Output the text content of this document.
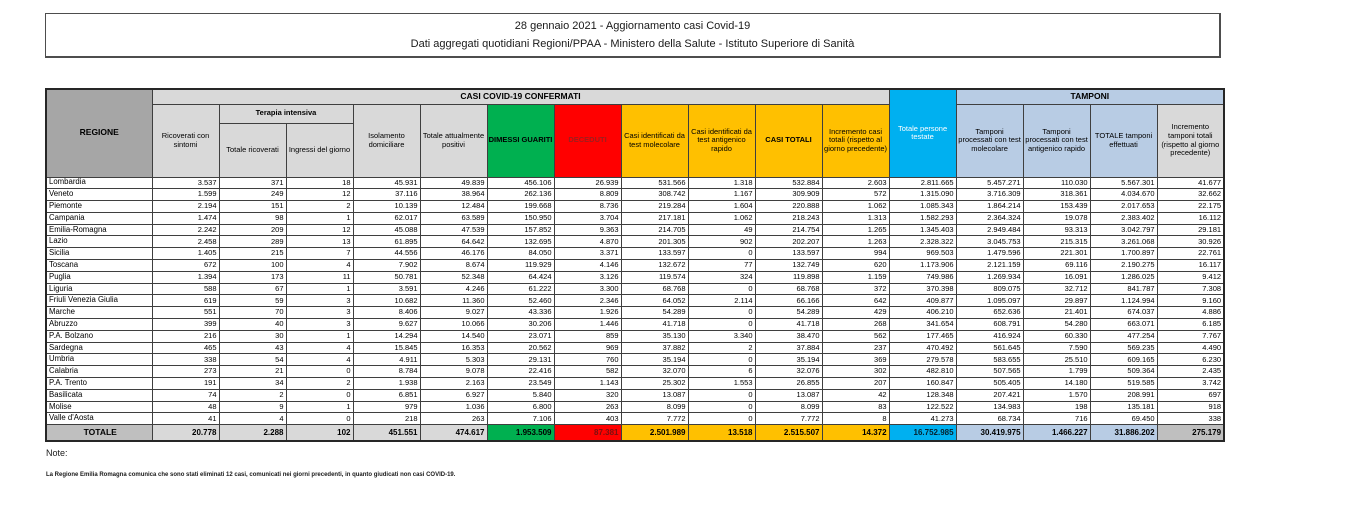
28 gennaio 2021 - Aggiornamento casi Covid-19
Dati aggregati quotidiani Regioni/PPAA - Ministero della Salute - Istituto Superiore di Sanità
REGIONE	CASI COVID-19 CONFERMATI											Totale persone testate	TAMPONI			
	Ricoverati con sintomi	Terapia intensiva		Isolamento domiciliare	Totale attualmente positivi	DIMESSI GUARITI	DECEDUTI	Casi identificati da test molecolare	Casi identificati da test antigenico rapido	CASI TOTALI	Incremento casi totali (rispetto al giorno precedente)		Tamponi processati con test molecolare	Tamponi processati con test antigenico rapido	TOTALE tamponi effettuati	Incremento tamponi totali (rispetto al giorno precedente)
		Totale ricoverati	Ingressi del giorno													
Lombardia	3.537	371	18	45.931	49.839	456.106	26.939	531.566	1.318	532.884	2.603	2.811.665	5.457.271	110.030	5.567.301	41.677
Veneto	1.599	249	12	37.116	38.964	262.136	8.809	308.742	1.167	309.909	572	1.315.090	3.716.309	318.361	4.034.670	32.662
Piemonte	2.194	151	2	10.139	12.484	199.668	8.736	219.284	1.604	220.888	1.062	1.085.343	1.864.214	153.439	2.017.653	22.175
Campania	1.474	98	1	62.017	63.589	150.950	3.704	217.181	1.062	218.243	1.313	1.582.293	2.364.324	19.078	2.383.402	16.112
Emilia-Romagna	2.242	209	12	45.088	47.539	157.852	9.363	214.705	49	214.754	1.265	1.345.403	2.949.484	93.313	3.042.797	29.181
Lazio	2.458	289	13	61.895	64.642	132.695	4.870	201.305	902	202.207	1.263	2.328.322	3.045.753	215.315	3.261.068	30.926
Sicilia	1.405	215	7	44.556	46.176	84.050	3.371	133.597	0	133.597	994	969.503	1.479.596	221.301	1.700.897	22.761
Toscana	672	100	4	7.902	8.674	119.929	4.146	132.672	77	132.749	620	1.173.906	2.121.159	69.116	2.190.275	16.117
Puglia	1.394	173	11	50.781	52.348	64.424	3.126	119.574	324	119.898	1.159	749.986	1.269.934	16.091	1.286.025	9.412
Liguria	588	67	1	3.591	4.246	61.222	3.300	68.768	0	68.768	372	370.398	809.075	32.712	841.787	7.308
Friuli Venezia Giulia	619	59	3	10.682	11.360	52.460	2.346	64.052	2.114	66.166	642	409.877	1.095.097	29.897	1.124.994	9.160
Marche	551	70	3	8.406	9.027	43.336	1.926	54.289	0	54.289	429	406.210	652.636	21.401	674.037	4.886
Abruzzo	399	40	3	9.627	10.066	30.206	1.446	41.718	0	41.718	268	341.654	608.791	54.280	663.071	6.185
P.A. Bolzano	216	30	1	14.294	14.540	23.071	859	35.130	3.340	38.470	562	177.465	416.924	60.330	477.254	7.767
Sardegna	465	43	4	15.845	16.353	20.562	969	37.882	2	37.884	237	470.492	561.645	7.590	569.235	4.490
Umbria	338	54	4	4.911	5.303	29.131	760	35.194	0	35.194	369	279.578	583.655	25.510	609.165	6.230
Calabria	273	21	0	8.784	9.078	22.416	582	32.070	6	32.076	302	482.810	507.565	1.799	509.364	2.435
P.A. Trento	191	34	2	1.938	2.163	23.549	1.143	25.302	1.553	26.855	207	160.847	505.405	14.180	519.585	3.742
Basilicata	74	2	0	6.851	6.927	5.840	320	13.087	0	13.087	42	128.348	207.421	1.570	208.991	697
Molise	48	9	1	979	1.036	6.800	263	8.099	0	8.099	83	122.522	134.983	198	135.181	918
Valle d'Aosta	41	4	0	218	263	7.106	403	7.772	0	7.772	8	41.273	68.734	716	69.450	338
TOTALE	20.778	2.288	102	451.551	474.617	1.953.509	87.381	2.501.989	13.518	2.515.507	14.372	16.752.985	30.419.975	1.466.227	31.886.202	275.179
Note:
La Regione Emilia Romagna comunica che sono stati eliminati 12 casi, comunicati nei giorni precedenti, in quanto giudicati non casi COVID-19.
